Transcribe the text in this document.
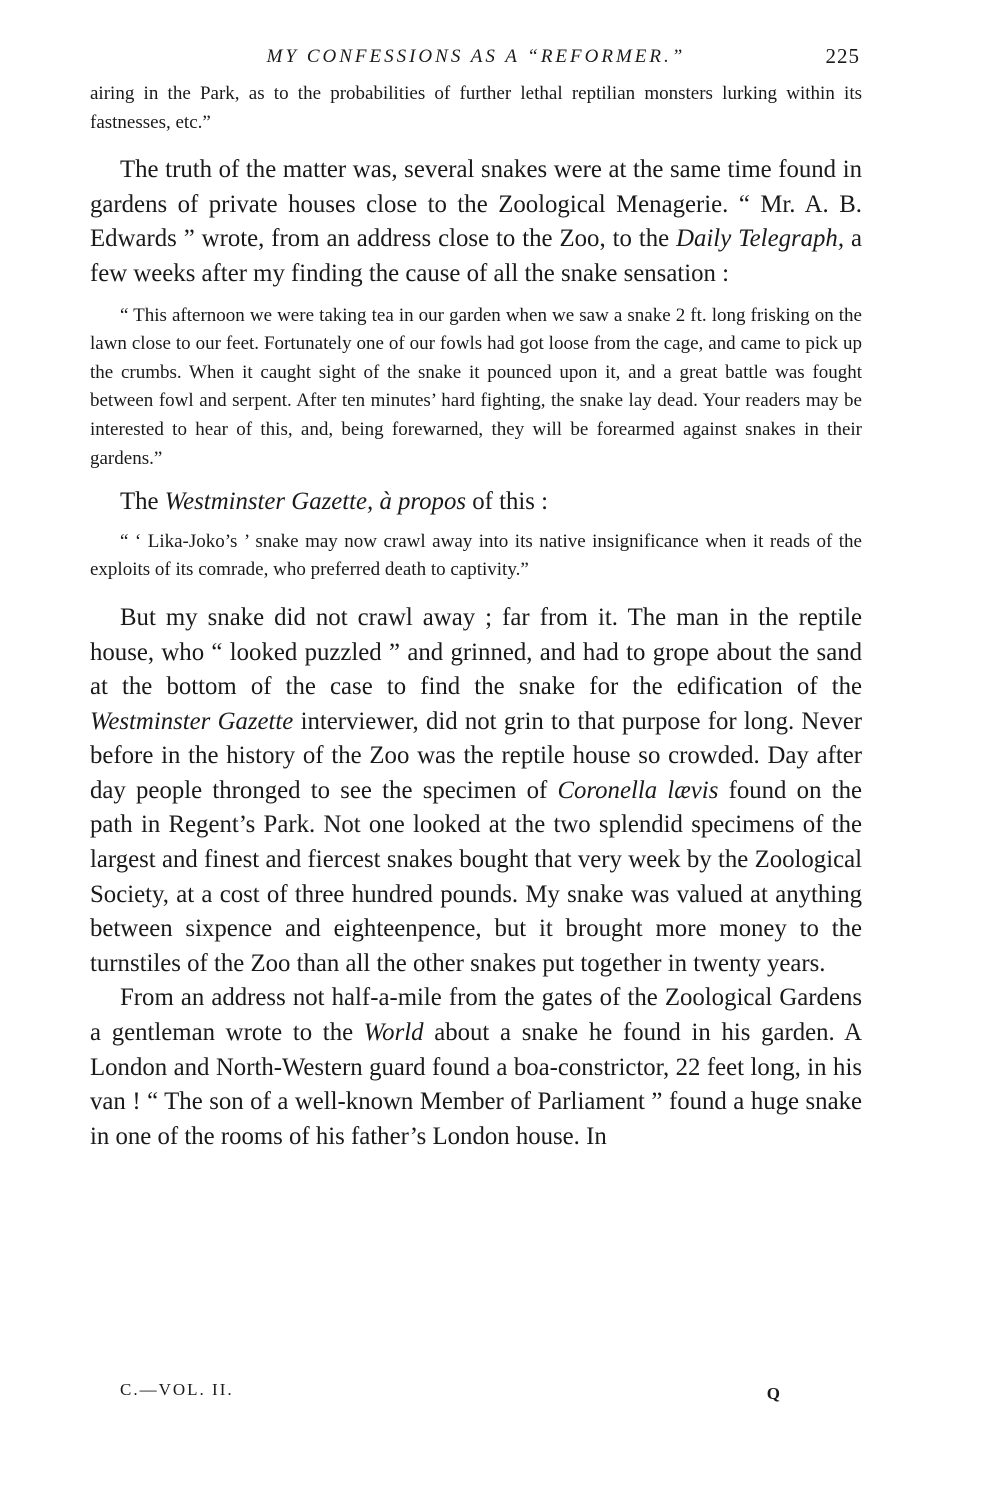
MY CONFESSIONS AS A “REFORMER.”	225

airing in the Park, as to the probabilities of further lethal reptilian monsters lurking within its fastnesses, etc.”

The truth of the matter was, several snakes were at the same time found in gardens of private houses close to the Zoological Menagerie. “ Mr. A. B. Edwards ” wrote, from an address close to the Zoo, to the Daily Telegraph, a few weeks after my finding the cause of all the snake sensation :

“ This afternoon we were taking tea in our garden when we saw a snake 2 ft. long frisking on the lawn close to our feet. Fortunately one of our fowls had got loose from the cage, and came to pick up the crumbs. When it caught sight of the snake it pounced upon it, and a great battle was fought between fowl and serpent. After ten minutes’ hard fighting, the snake lay dead. Your readers may be interested to hear of this, and, being forewarned, they will be forearmed against snakes in their gardens.”

The Westminster Gazette, à propos of this :

“ ‘ Lika-Joko’s ’ snake may now crawl away into its native insignificance when it reads of the exploits of its comrade, who preferred death to captivity.”

But my snake did not crawl away ; far from it. The man in the reptile house, who “ looked puzzled ” and grinned, and had to grope about the sand at the bottom of the case to find the snake for the edification of the Westminster Gazette interviewer, did not grin to that purpose for long. Never before in the history of the Zoo was the reptile house so crowded. Day after day people thronged to see the specimen of Coronella lævis found on the path in Regent’s Park. Not one looked at the two splendid specimens of the largest and finest and fiercest snakes bought that very week by the Zoological Society, at a cost of three hundred pounds. My snake was valued at anything between sixpence and eighteenpence, but it brought more money to the turnstiles of the Zoo than all the other snakes put together in twenty years.

From an address not half-a-mile from the gates of the Zoological Gardens a gentleman wrote to the World about a snake he found in his garden. A London and North-Western guard found a boa-constrictor, 22 feet long, in his van ! “ The son of a well-known Member of Parliament ” found a huge snake in one of the rooms of his father’s London house. In

C.—VOL. II.	Q
